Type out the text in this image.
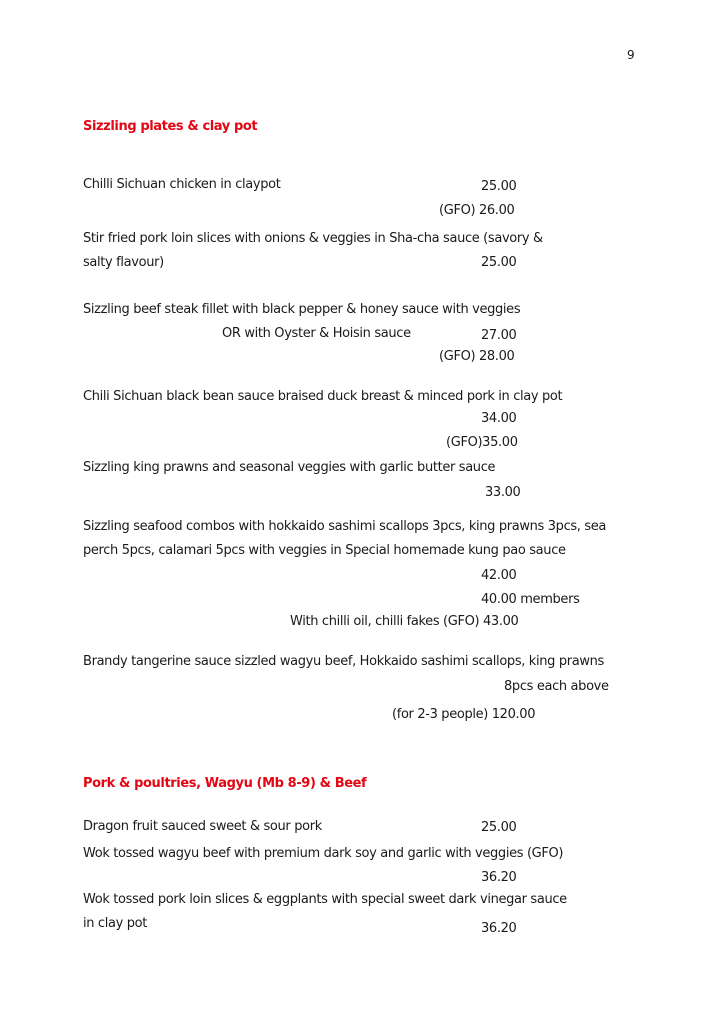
9
Sizzling plates & clay pot
Chilli Sichuan chicken in claypot	25.00
(GFO) 26.00
Stir fried pork loin slices with onions & veggies in Sha-cha sauce (savory &
salty flavour)	25.00
Sizzling beef steak fillet with black pepper & honey sauce with veggies
OR with Oyster & Hoisin sauce	27.00
(GFO) 28.00
Chili Sichuan black bean sauce braised duck breast & minced pork in clay pot
34.00
(GFO)35.00
Sizzling king prawns and seasonal veggies with garlic butter sauce
33.00
Sizzling seafood combos with hokkaido sashimi scallops 3pcs, king prawns 3pcs, sea
perch 5pcs, calamari 5pcs with veggies in Special homemade kung pao sauce
42.00
40.00 members
With chilli oil, chilli fakes (GFO) 43.00
Brandy tangerine sauce sizzled wagyu beef, Hokkaido sashimi scallops, king prawns
8pcs each above
(for 2-3 people) 120.00
Pork & poultries, Wagyu (Mb 8-9) & Beef
Dragon fruit sauced sweet & sour pork	25.00
Wok tossed wagyu beef with premium dark soy and garlic with veggies (GFO)
36.20
Wok tossed pork loin slices & eggplants with special sweet dark vinegar sauce
in clay pot	36.20
